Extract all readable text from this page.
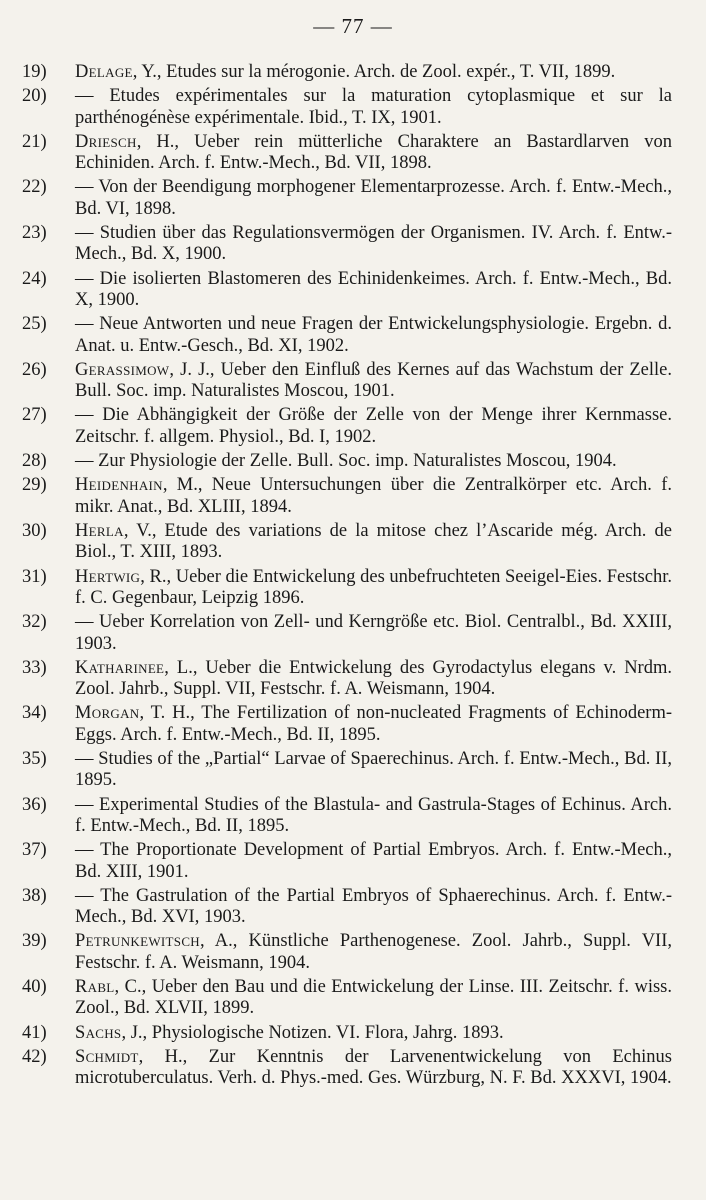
— 77 —
19)	Delage, Y., Etudes sur la mérogonie. Arch. de Zool. expér., T. VII, 1899.
20)	— Etudes expérimentales sur la maturation cytoplasmique et sur la parthénogénèse expérimentale. Ibid., T. IX, 1901.
21)	Driesch, H., Ueber rein mütterliche Charaktere an Bastardlarven von Echiniden. Arch. f. Entw.-Mech., Bd. VII, 1898.
22)	— Von der Beendigung morphogener Elementarprozesse. Arch. f. Entw.-Mech., Bd. VI, 1898.
23)	— Studien über das Regulationsvermögen der Organismen. IV. Arch. f. Entw.-Mech., Bd. X, 1900.
24)	— Die isolierten Blastomeren des Echinidenkeimes. Arch. f. Entw.-Mech., Bd. X, 1900.
25)	— Neue Antworten und neue Fragen der Entwickelungsphysiologie. Ergebn. d. Anat. u. Entw.-Gesch., Bd. XI, 1902.
26)	Gerassimow, J. J., Ueber den Einfluß des Kernes auf das Wachstum der Zelle. Bull. Soc. imp. Naturalistes Moscou, 1901.
27)	— Die Abhängigkeit der Größe der Zelle von der Menge ihrer Kernmasse. Zeitschr. f. allgem. Physiol., Bd. I, 1902.
28)	— Zur Physiologie der Zelle. Bull. Soc. imp. Naturalistes Moscou, 1904.
29)	Heidenhain, M., Neue Untersuchungen über die Zentralkörper etc. Arch. f. mikr. Anat., Bd. XLIII, 1894.
30)	Herla, V., Etude des variations de la mitose chez l’Ascaride még. Arch. de Biol., T. XIII, 1893.
31)	Hertwig, R., Ueber die Entwickelung des unbefruchteten Seeigel-Eies. Festschr. f. C. Gegenbaur, Leipzig 1896.
32)	— Ueber Korrelation von Zell- und Kerngröße etc. Biol. Centralbl., Bd. XXIII, 1903.
33)	Katharinee, L., Ueber die Entwickelung des Gyrodactylus elegans v. Nrdm. Zool. Jahrb., Suppl. VII, Festschr. f. A. Weismann, 1904.
34)	Morgan, T. H., The Fertilization of non-nucleated Fragments of Echinoderm-Eggs. Arch. f. Entw.-Mech., Bd. II, 1895.
35)	— Studies of the „Partial“ Larvae of Spaerechinus. Arch. f. Entw.-Mech., Bd. II, 1895.
36)	— Experimental Studies of the Blastula- and Gastrula-Stages of Echinus. Arch. f. Entw.-Mech., Bd. II, 1895.
37)	— The Proportionate Development of Partial Embryos. Arch. f. Entw.-Mech., Bd. XIII, 1901.
38)	— The Gastrulation of the Partial Embryos of Sphaerechinus. Arch. f. Entw.-Mech., Bd. XVI, 1903.
39)	Petrunkewitsch, A., Künstliche Parthenogenese. Zool. Jahrb., Suppl. VII, Festschr. f. A. Weismann, 1904.
40)	Rabl, C., Ueber den Bau und die Entwickelung der Linse. III. Zeitschr. f. wiss. Zool., Bd. XLVII, 1899.
41)	Sachs, J., Physiologische Notizen. VI. Flora, Jahrg. 1893.
42)	Schmidt, H., Zur Kenntnis der Larvenentwickelung von Echinus microtuberculatus. Verh. d. Phys.-med. Ges. Würzburg, N. F. Bd. XXXVI, 1904.
